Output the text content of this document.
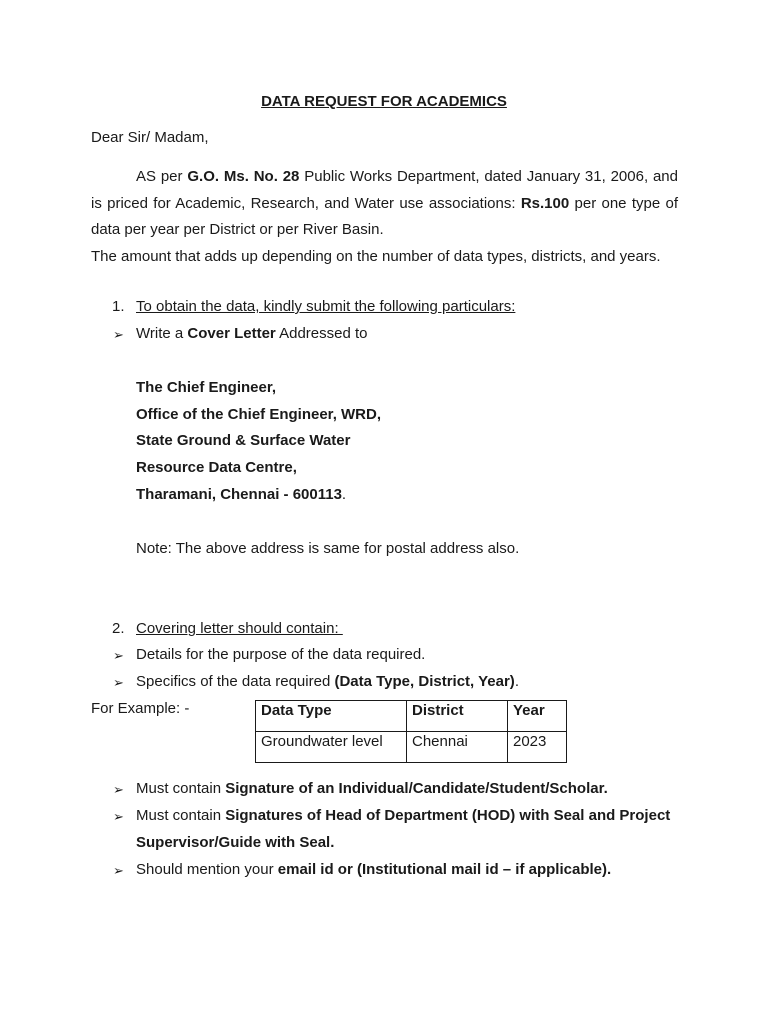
DATA REQUEST FOR ACADEMICS
Dear Sir/ Madam,
AS per G.O. Ms. No. 28 Public Works Department, dated January 31, 2006, and is priced for Academic, Research, and Water use associations: Rs.100 per one type of data per year per District or per River Basin.
The amount that adds up depending on the number of data types, districts, and years.
1. To obtain the data, kindly submit the following particulars:
➢ Write a Cover Letter Addressed to
The Chief Engineer,
Office of the Chief Engineer, WRD,
State Ground & Surface Water
Resource Data Centre,
Tharamani, Chennai - 600113.
Note: The above address is same for postal address also.
2. Covering letter should contain:
➢ Details for the purpose of the data required.
➢ Specifics of the data required (Data Type, District, Year).
For Example: -	Data Type	District	Year
Groundwater level	Chennai	2023
➢ Must contain Signature of an Individual/Candidate/Student/Scholar.
➢ Must contain Signatures of Head of Department (HOD) with Seal and Project
Supervisor/Guide with Seal.
➢ Should mention your email id or (Institutional mail id – if applicable).
